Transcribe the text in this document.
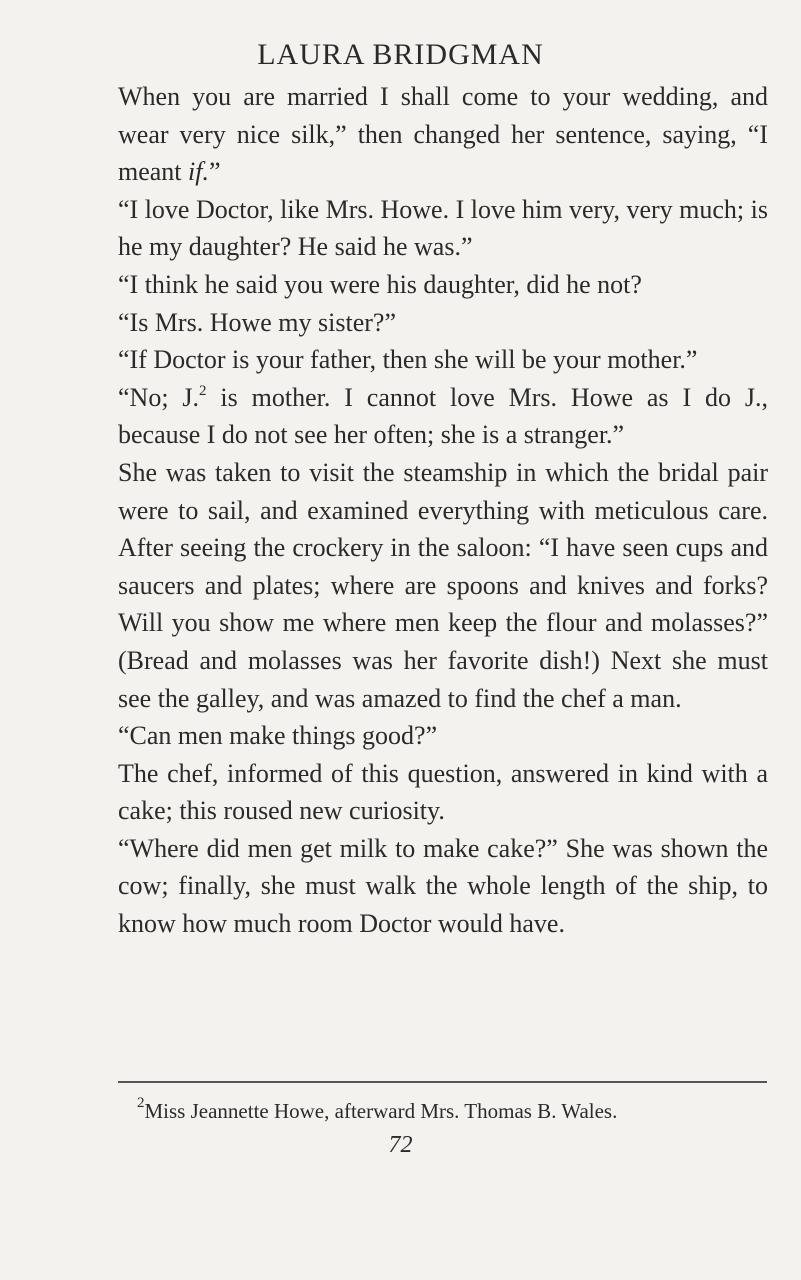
LAURA BRIDGMAN

When you are married I shall come to your wedding, and wear very nice silk,” then changed her sentence, saying, “I meant if.”

“I love Doctor, like Mrs. Howe. I love him very, very much; is he my daughter? He said he was.”

“I think he said you were his daughter, did he not?

“Is Mrs. Howe my sister?”

“If Doctor is your father, then she will be your mother.”

“No; J.$^2$ is mother. I cannot love Mrs. Howe as I do J., because I do not see her often; she is a stranger.”

She was taken to visit the steamship in which the bridal pair were to sail, and examined everything with meticulous care. After seeing the crockery in the saloon: “I have seen cups and saucers and plates; where are spoons and knives and forks? Will you show me where men keep the flour and molasses?” (Bread and molasses was her favorite dish!) Next she must see the galley, and was amazed to find the chef a man.

“Can men make things good?”

The chef, informed of this question, answered in kind with a cake; this roused new curiosity.

“Where did men get milk to make cake?” She was shown the cow; finally, she must walk the whole length of the ship, to know how much room Doctor would have.

$^2$Miss Jeannette Howe, afterward Mrs. Thomas B. Wales.
72
